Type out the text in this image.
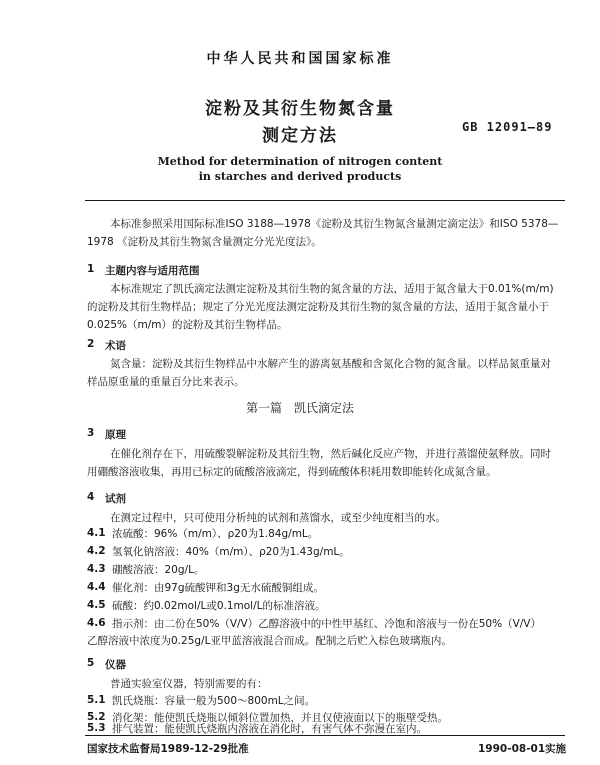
中华人民共和国国家标准
淀粉及其衍生物氮含量
测定方法	GB 12091—89
Method for determination of nitrogen content
in starches and derived products
本标准参照采用国际标准ISO 3188—1978《淀粉及其衍生物氮含量测定滴定法》和ISO 5378—
1978 《淀粉及其衍生物氮含量测定分光光度法》。
1 主题内容与适用范围
本标准规定了凯氏滴定法测定淀粉及其衍生物的氮含量的方法，适用于氮含量大于0.01%(m/m)
的淀粉及其衍生物样品；规定了分光光度法测定淀粉及其衍生物的氮含量的方法，适用于氮含量小于
0.025%（m/m）的淀粉及其衍生物样品。
2 术语
氮含量：淀粉及其衍生物样品中水解产生的游离氨基酸和含氮化合物的氮含量。以样品氮重量对
样品原重量的重量百分比来表示。
第一篇　凯氏滴定法
3 原理
在催化剂存在下，用硫酸裂解淀粉及其衍生物，然后碱化反应产物，并进行蒸馏使氨释放。同时
用硼酸溶液收集，再用已标定的硫酸溶液滴定，得到硫酸体积耗用数即能转化成氮含量。
4 试剂
在测定过程中，只可使用分析纯的试剂和蒸馏水，或至少纯度相当的水。
4.1 浓硫酸：96%（m/m）、ρ20为1.84g/mL。
4.2 氢氧化钠溶液：40%（m/m）、ρ20为1.43g/mL。
4.3 硼酸溶液：20g/L。
4.4 催化剂：由97g硫酸钾和3g无水硫酸铜组成。
4.5 硫酸：约0.02mol/L或0.1mol/L的标准溶液。
4.6 指示剂：由二份在50%（V/V）乙醇溶液中的中性甲基红、冷饱和溶液与一份在50%（V/V）
乙醇溶液中浓度为0.25g/L亚甲蓝溶液混合而成。配制之后贮入棕色玻璃瓶内。
5 仪器
普通实验室仪器，特别需要的有：
5.1 凯氏烧瓶：容量一般为500～800mL之间。
5.2 消化架：能使凯氏烧瓶以倾斜位置加热，并且仅使液面以下的瓶壁受热。
5.3 排气装置：能使凯氏烧瓶内溶液在消化时，有害气体不弥漫在室内。
国家技术监督局1989-12-29批准	1990-08-01实施
